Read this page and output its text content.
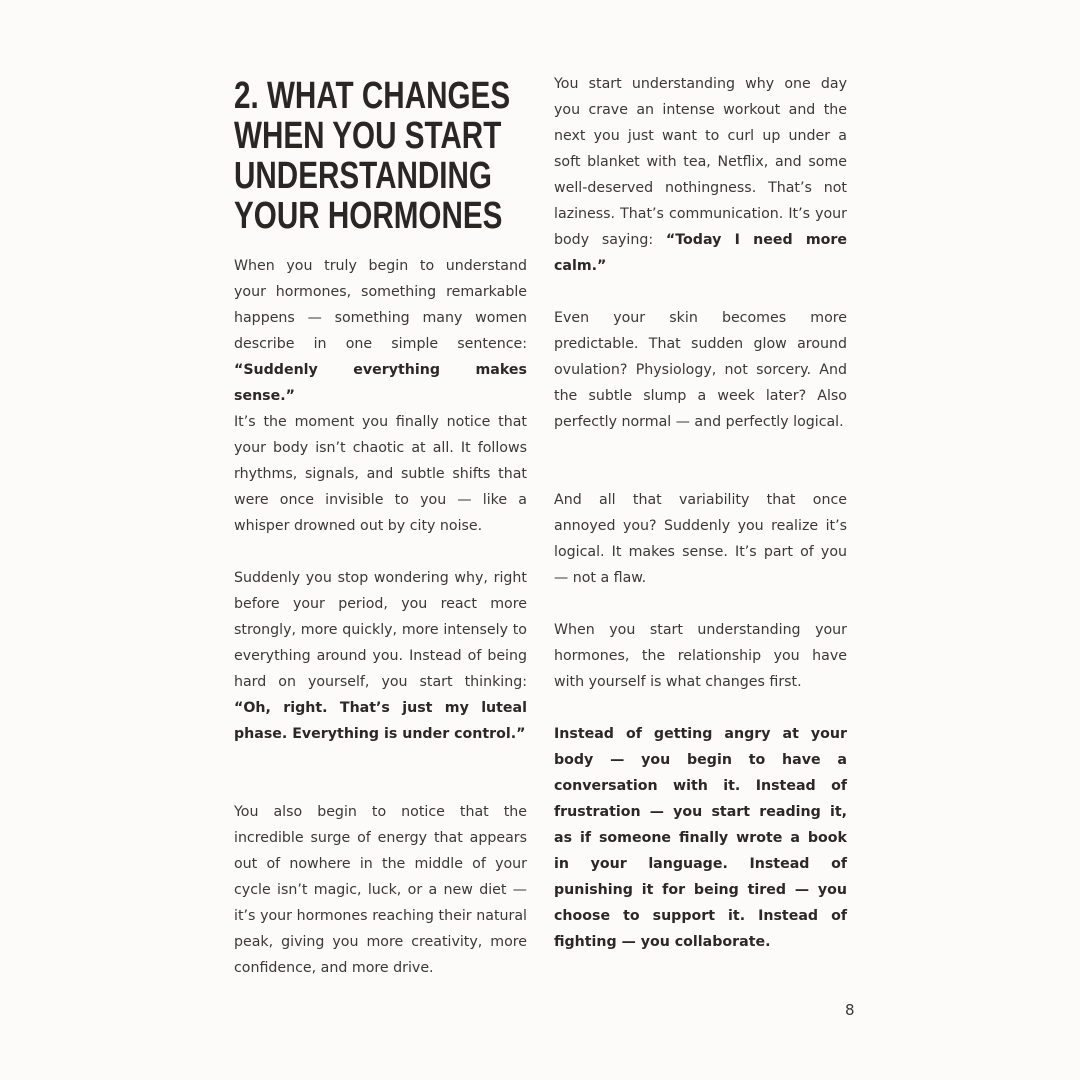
2. WHAT CHANGES
WHEN YOU START
UNDERSTANDING
YOUR HORMONES

When you truly begin to understand your hormones, something remarkable happens — something many women describe in one simple sentence: “Suddenly everything makes sense.”

It’s the moment you finally notice that your body isn’t chaotic at all. It follows rhythms, signals, and subtle shifts that were once invisible to you — like a whisper drowned out by city noise.

Suddenly you stop wondering why, right before your period, you react more strongly, more quickly, more intensely to everything around you. Instead of being hard on yourself, you start thinking: “Oh, right. That’s just my luteal phase. Everything is under control.”

You also begin to notice that the incredible surge of energy that appears out of nowhere in the middle of your cycle isn’t magic, luck, or a new diet — it’s your hormones reaching their natural peak, giving you more creativity, more confidence, and more drive.

You start understanding why one day you crave an intense workout and the next you just want to curl up under a soft blanket with tea, Netflix, and some well-deserved nothingness. That’s not laziness. That’s communication. It’s your body saying: “Today I need more calm.”

Even your skin becomes more predictable. That sudden glow around ovulation? Physiology, not sorcery. And the subtle slump a week later? Also perfectly normal — and perfectly logical.

And all that variability that once annoyed you? Suddenly you realize it’s logical. It makes sense. It’s part of you — not a flaw.

When you start understanding your hormones, the relationship you have with yourself is what changes first.

Instead of getting angry at your body — you begin to have a conversation with it. Instead of frustration — you start reading it, as if someone finally wrote a book in your language. Instead of punishing it for being tired — you choose to support it. Instead of fighting — you collaborate.

8
